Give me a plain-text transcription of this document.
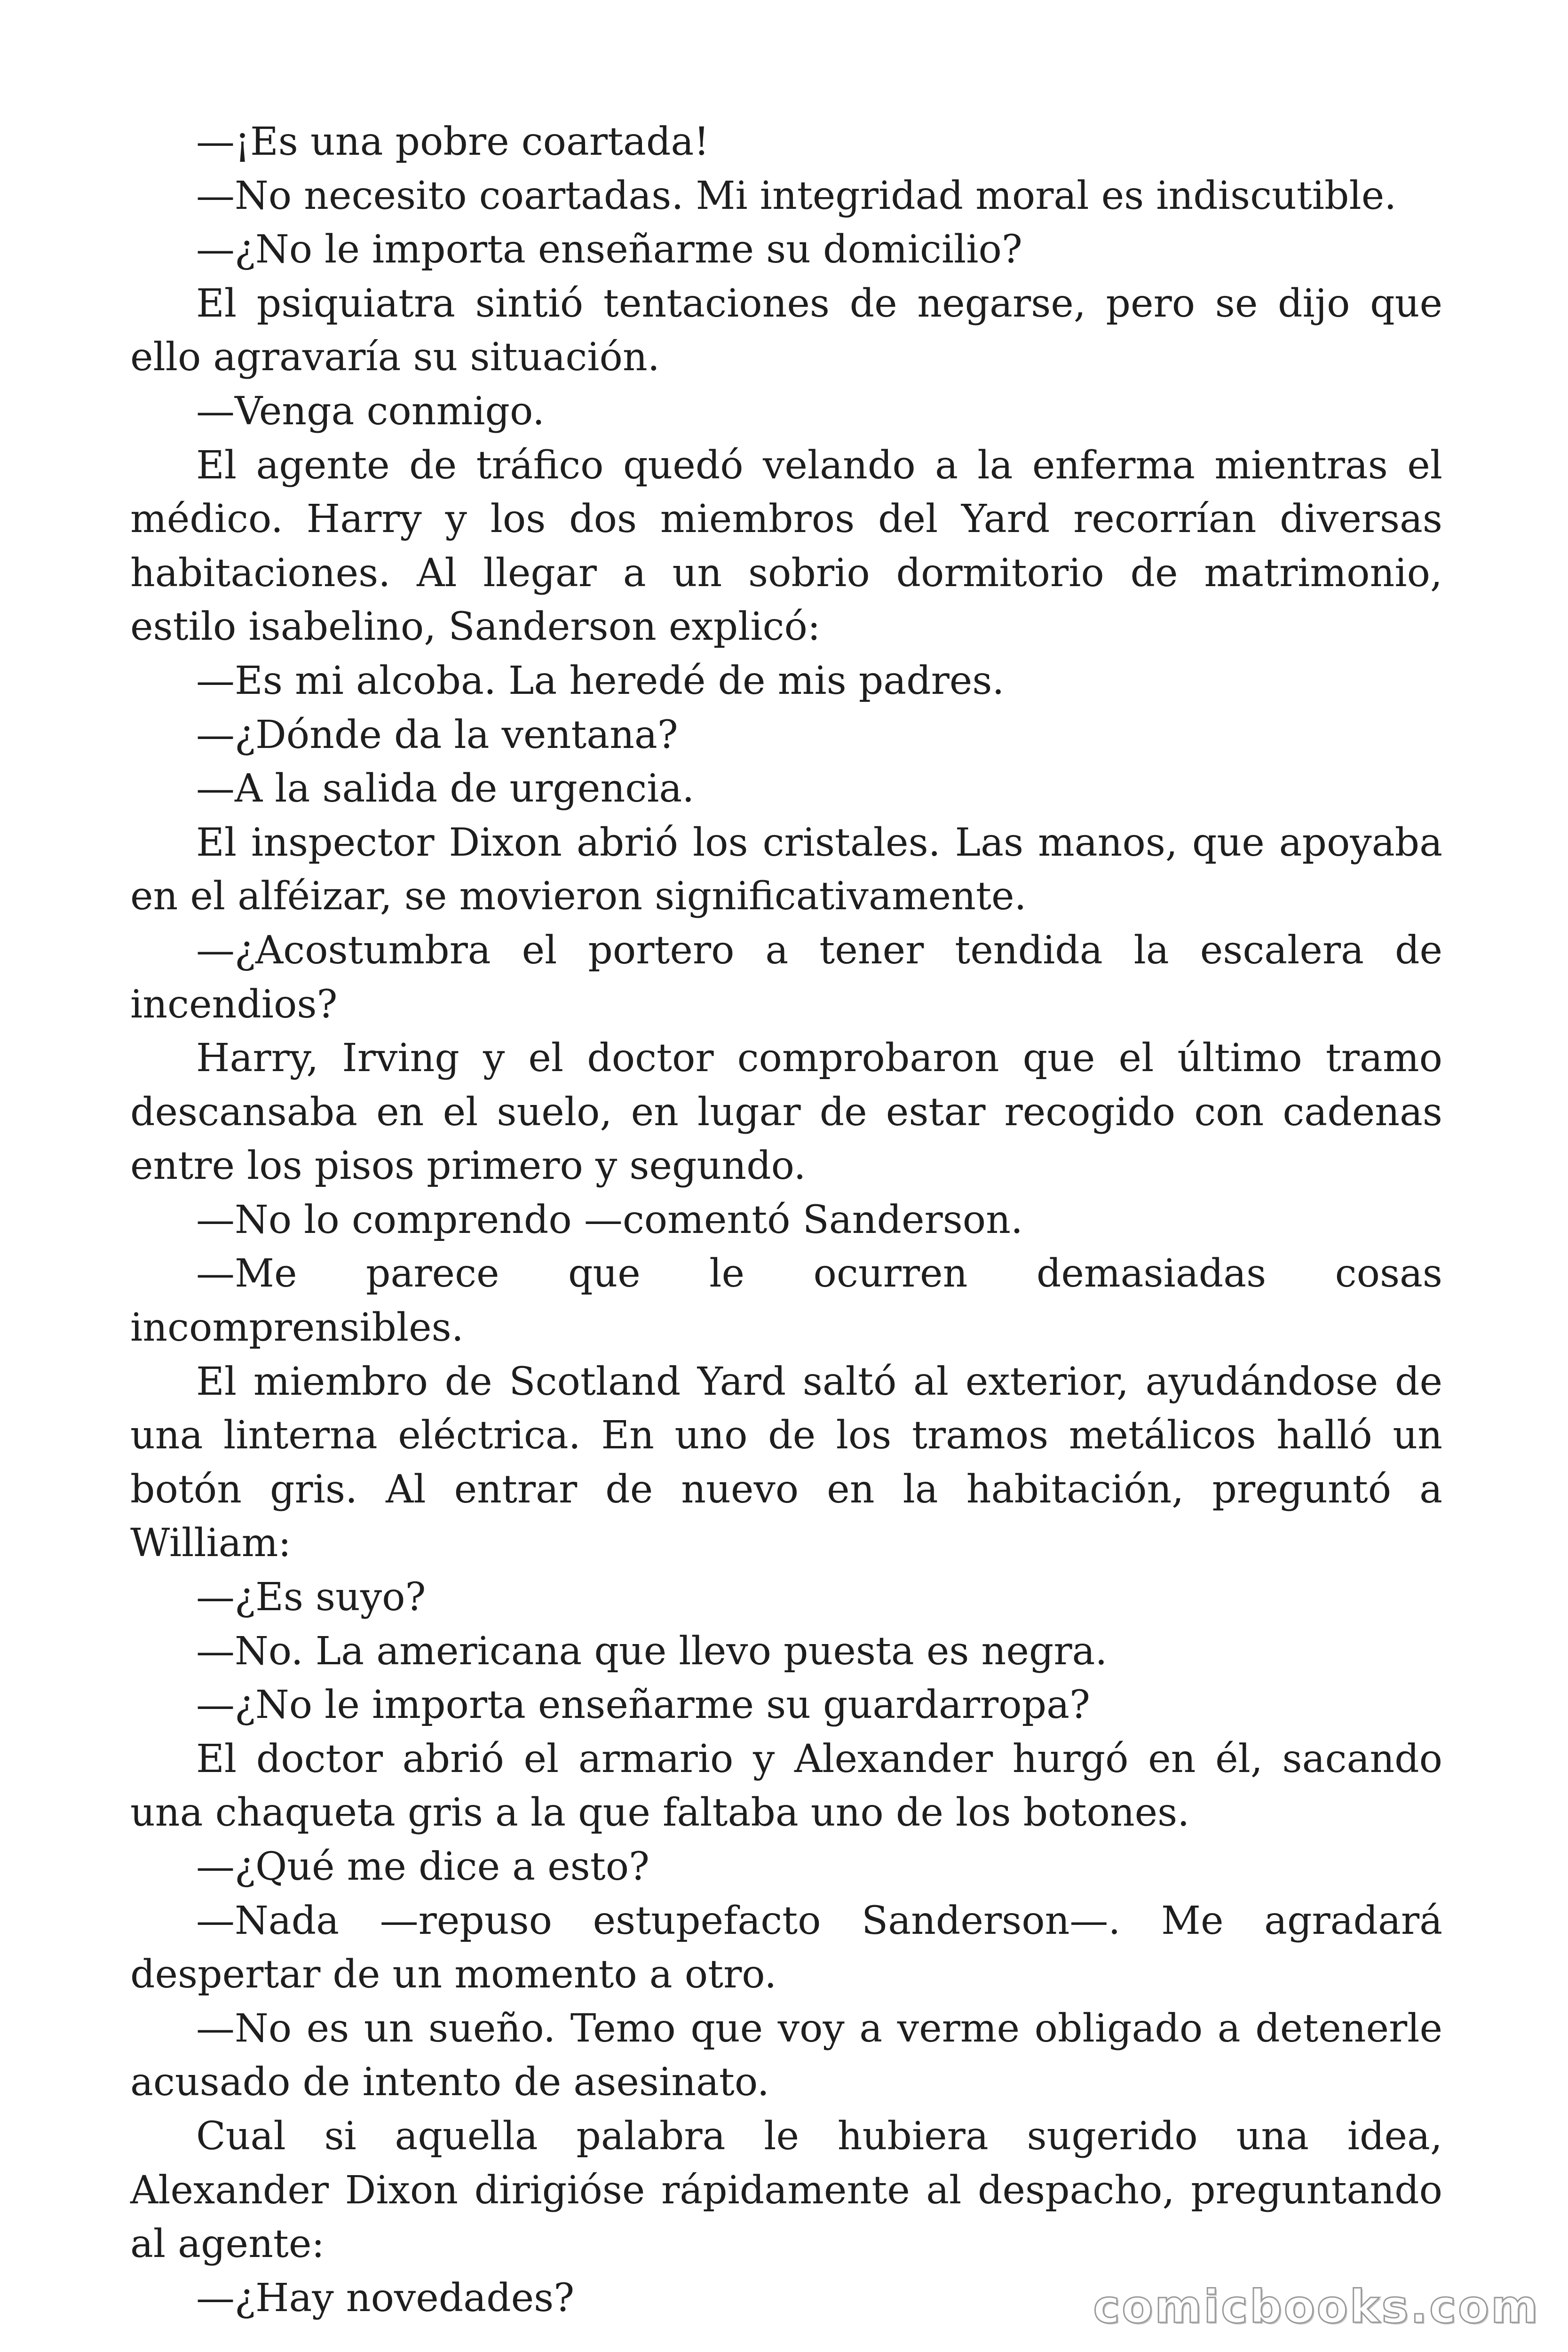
—¡Es una pobre coartada!

—No necesito coartadas. Mi integridad moral es indiscutible.

—¿No le importa enseñarme su domicilio?

El psiquiatra sintió tentaciones de negarse, pero se dijo que ello agravaría su situación.

—Venga conmigo.

El agente de tráfico quedó velando a la enferma mientras el médico. Harry y los dos miembros del Yard recorrían diversas habitaciones. Al llegar a un sobrio dormitorio de matrimonio, estilo isabelino, Sanderson explicó:

—Es mi alcoba. La heredé de mis padres.

—¿Dónde da la ventana?

—A la salida de urgencia.

El inspector Dixon abrió los cristales. Las manos, que apoyaba en el alféizar, se movieron significativamente.

—¿Acostumbra el portero a tener tendida la escalera de incendios?

Harry, Irving y el doctor comprobaron que el último tramo descansaba en el suelo, en lugar de estar recogido con cadenas entre los pisos primero y segundo.

—No lo comprendo —comentó Sanderson.

—Me parece que le ocurren demasiadas cosas incomprensibles.

El miembro de Scotland Yard saltó al exterior, ayudándose de una linterna eléctrica. En uno de los tramos metálicos halló un botón gris. Al entrar de nuevo en la habitación, preguntó a William:

—¿Es suyo?

—No. La americana que llevo puesta es negra.

—¿No le importa enseñarme su guardarropa?

El doctor abrió el armario y Alexander hurgó en él, sacando una chaqueta gris a la que faltaba uno de los botones.

—¿Qué me dice a esto?

—Nada —repuso estupefacto Sanderson—. Me agradará despertar de un momento a otro.

—No es un sueño. Temo que voy a verme obligado a detenerle acusado de intento de asesinato.

Cual si aquella palabra le hubiera sugerido una idea, Alexander Dixon dirigióse rápidamente al despacho, preguntando al agente:

—¿Hay novedades?	comicbooks.com
